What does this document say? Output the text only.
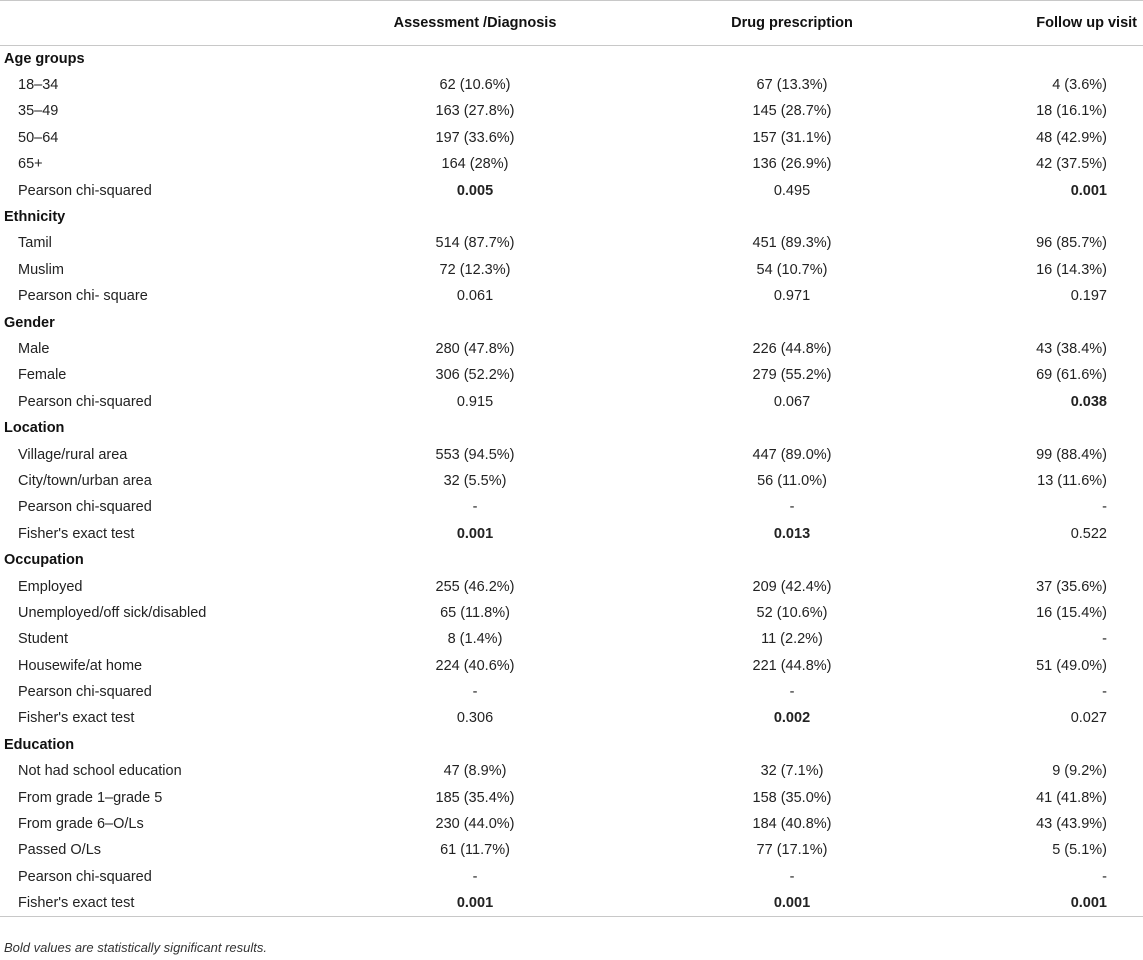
	Assessment /Diagnosis	Drug prescription	Follow up visit
Age groups			
18–34	62 (10.6%)	67 (13.3%)	4 (3.6%)
35–49	163 (27.8%)	145 (28.7%)	18 (16.1%)
50–64	197 (33.6%)	157 (31.1%)	48 (42.9%)
65+	164 (28%)	136 (26.9%)	42 (37.5%)
Pearson chi-squared	0.005	0.495	0.001
Ethnicity			
Tamil	514 (87.7%)	451 (89.3%)	96 (85.7%)
Muslim	72 (12.3%)	54 (10.7%)	16 (14.3%)
Pearson chi- square	0.061	0.971	0.197
Gender			
Male	280 (47.8%)	226 (44.8%)	43 (38.4%)
Female	306 (52.2%)	279 (55.2%)	69 (61.6%)
Pearson chi-squared	0.915	0.067	0.038
Location			
Village/rural area	553 (94.5%)	447 (89.0%)	99 (88.4%)
City/town/urban area	32 (5.5%)	56 (11.0%)	13 (11.6%)
Pearson chi-squared	-	-	-
Fisher's exact test	0.001	0.013	0.522
Occupation			
Employed	255 (46.2%)	209 (42.4%)	37 (35.6%)
Unemployed/off sick/disabled	65 (11.8%)	52 (10.6%)	16 (15.4%)
Student	8 (1.4%)	11 (2.2%)	-
Housewife/at home	224 (40.6%)	221 (44.8%)	51 (49.0%)
Pearson chi-squared	-	-	-
Fisher's exact test	0.306	0.002	0.027
Education			
Not had school education	47 (8.9%)	32 (7.1%)	9 (9.2%)
From grade 1–grade 5	185 (35.4%)	158 (35.0%)	41 (41.8%)
From grade 6–O/Ls	230 (44.0%)	184 (40.8%)	43 (43.9%)
Passed O/Ls	61 (11.7%)	77 (17.1%)	5 (5.1%)
Pearson chi-squared	-	-	-
Fisher's exact test	0.001	0.001	0.001
Bold values are statistically significant results.
